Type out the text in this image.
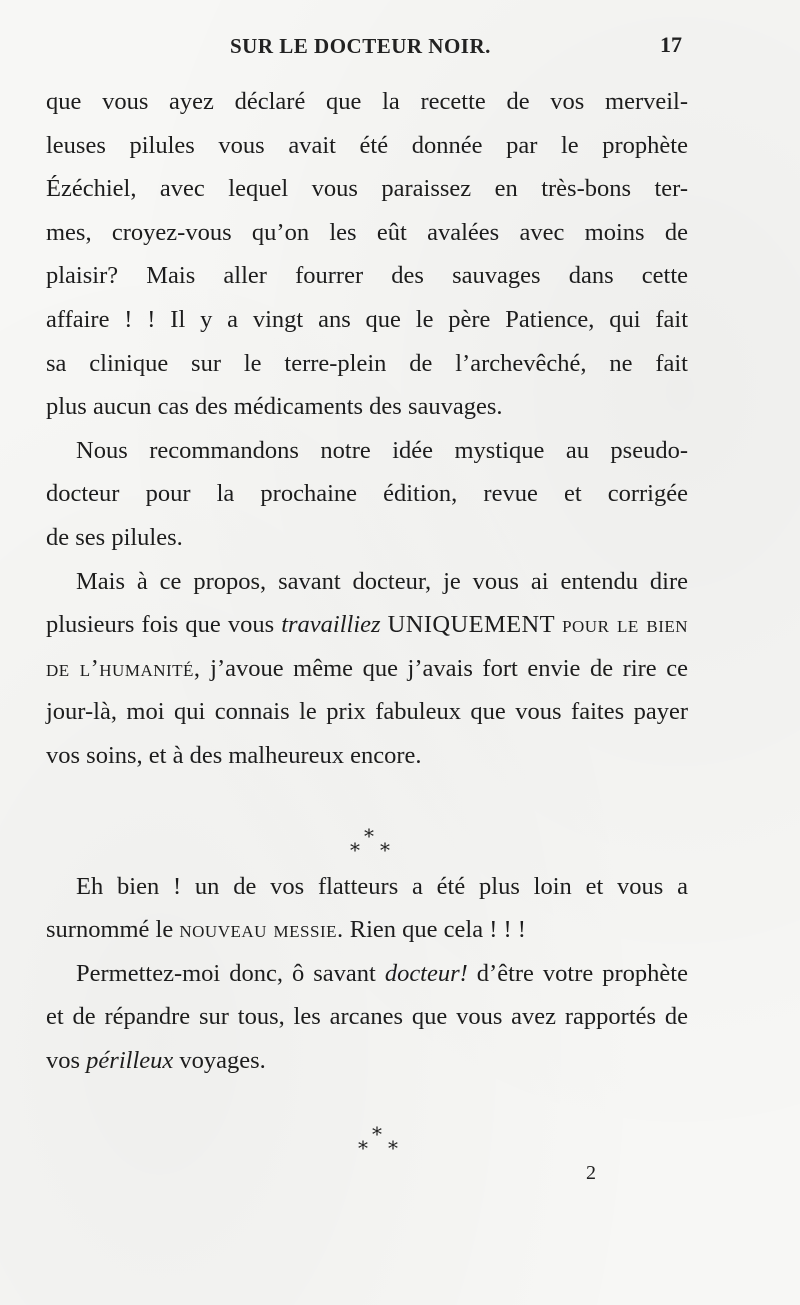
SUR LE DOCTEUR NOIR.	17

que vous ayez déclaré que la recette de vos merveil-
leuses pilules vous avait été donnée par le prophète
Ézéchiel, avec lequel vous paraissez en très-bons ter-
mes, croyez-vous qu’on les eût avalées avec moins de
plaisir? Mais aller fourrer des sauvages dans cette
affaire ! ! Il y a vingt ans que le père Patience, qui fait
sa clinique sur le terre-plein de l’archevêché, ne fait
plus aucun cas des médicaments des sauvages.

Nous recommandons notre idée mystique au pseudo-
docteur pour la prochaine édition, revue et corrigée
de ses pilules.

Mais à ce propos, savant docteur, je vous ai entendu dire plusieurs fois que vous travailliez UNIQUEMENT pour le bien de l’humanité, j’avoue même que j’avais fort envie de rire ce jour-là, moi qui connais le prix fabuleux que vous faites payer vos soins, et à des malheureux encore.

Eh bien ! un de vos flatteurs a été plus loin et vous a surnommé le nouveau messie. Rien que cela ! ! !

Permettez-moi donc, ô savant docteur! d’être votre prophète et de répandre sur tous, les arcanes que vous avez rapportés de vos périlleux voyages.

*
* *
*
* *
2
